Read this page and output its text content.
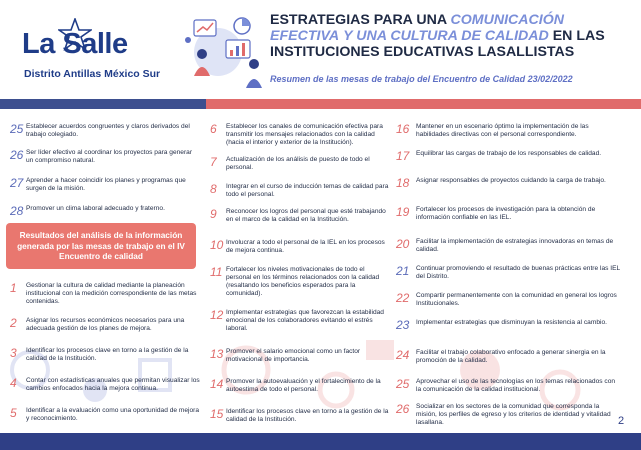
La Salle
Distrito Antillas México Sur
ESTRATEGIAS PARA UNA COMUNICACIÓN EFECTIVA Y UNA CULTURA DE CALIDAD EN LAS INSTITUCIONES EDUCATIVAS LASALLISTAS
Resumen de las mesas de trabajo del Encuentro de Calidad 23/02/2022
25 Establecer acuerdos congruentes y claros derivados del trabajo colegiado.
26 Ser líder efectivo al coordinar los proyectos para generar un compromiso natural.
27 Aprender a hacer coincidir los planes y programas que surgen de la misión.
28 Promover un clima laboral adecuado y fraterno.
Resultados del análisis de la información generada por las mesas de trabajo en el IV Encuentro de calidad
1	Gestionar la cultura de calidad mediante la planeación institucional con la medición correspondiente de las metas contenidas.
2	Asignar los recursos económicos necesarios para una adecuada gestión de los planes de mejora.
3	Identificar los procesos clave en torno a la gestión de la calidad de la Institución.
4	Contar con estadísticas anuales que permitan visualizar los cambios enfocados hacia la mejora continua.
5	Identificar a la evaluación como una oportunidad de mejora y reconocimiento.
6	Establecer los canales de comunicación efectiva para transmitir los mensajes relacionados con la calidad (hacia el interior y exterior de la Institución).
7	Actualización de los análisis de puesto de todo el personal.
8	Integrar en el curso de inducción temas de calidad para todo el personal.
9	Reconocer los logros del personal que esté trabajando en el marco de la calidad en la Institución.
10 Involucrar a todo el personal de la IEL en los procesos de mejora continua.
11 Fortalecer los niveles motivacionales de todo el personal en los términos relacionados con la calidad (resaltando los beneficios esperados para la comunidad).
12 Implementar estrategias que favorezcan la estabilidad emocional de los colaboradores evitando el estrés laboral.
13 Promover el salario emocional como un factor motivacional de importancia.
14 Promover la autoevaluación y el fortalecimiento de la autoestima de todo el personal.
15 Identificar los procesos clave en torno a la gestión de la calidad de la Institución.
16	Mantener en un escenario óptimo la implementación de las habilidades directivas con el personal correspondiente.
17	Equilibrar las cargas de trabajo de los responsables de calidad.
18	Asignar responsables de proyectos cuidando la carga de trabajo.
19	Fortalecer los procesos de investigación para la obtención de información confiable en las IEL.
20	Facilitar la implementación de estrategias innovadoras en temas de calidad.
21	Continuar promoviendo el resultado de buenas prácticas entre las IEL del Distrito.
22	Compartir permanentemente con la comunidad en general los logros Institucionales.
23	Implementar estrategias que disminuyan la resistencia al cambio.
24	Facilitar el trabajo colaborativo enfocado a generar sinergia en la promoción de la calidad.
25	Aprovechar el uso de las tecnologías en los temas relacionados con la comunicación de la calidad institucional.
26	Socializar en los sectores de la comunidad que corresponda la misión, los perfiles de egreso y los criterios de identidad y vitalidad lasallana.	2
